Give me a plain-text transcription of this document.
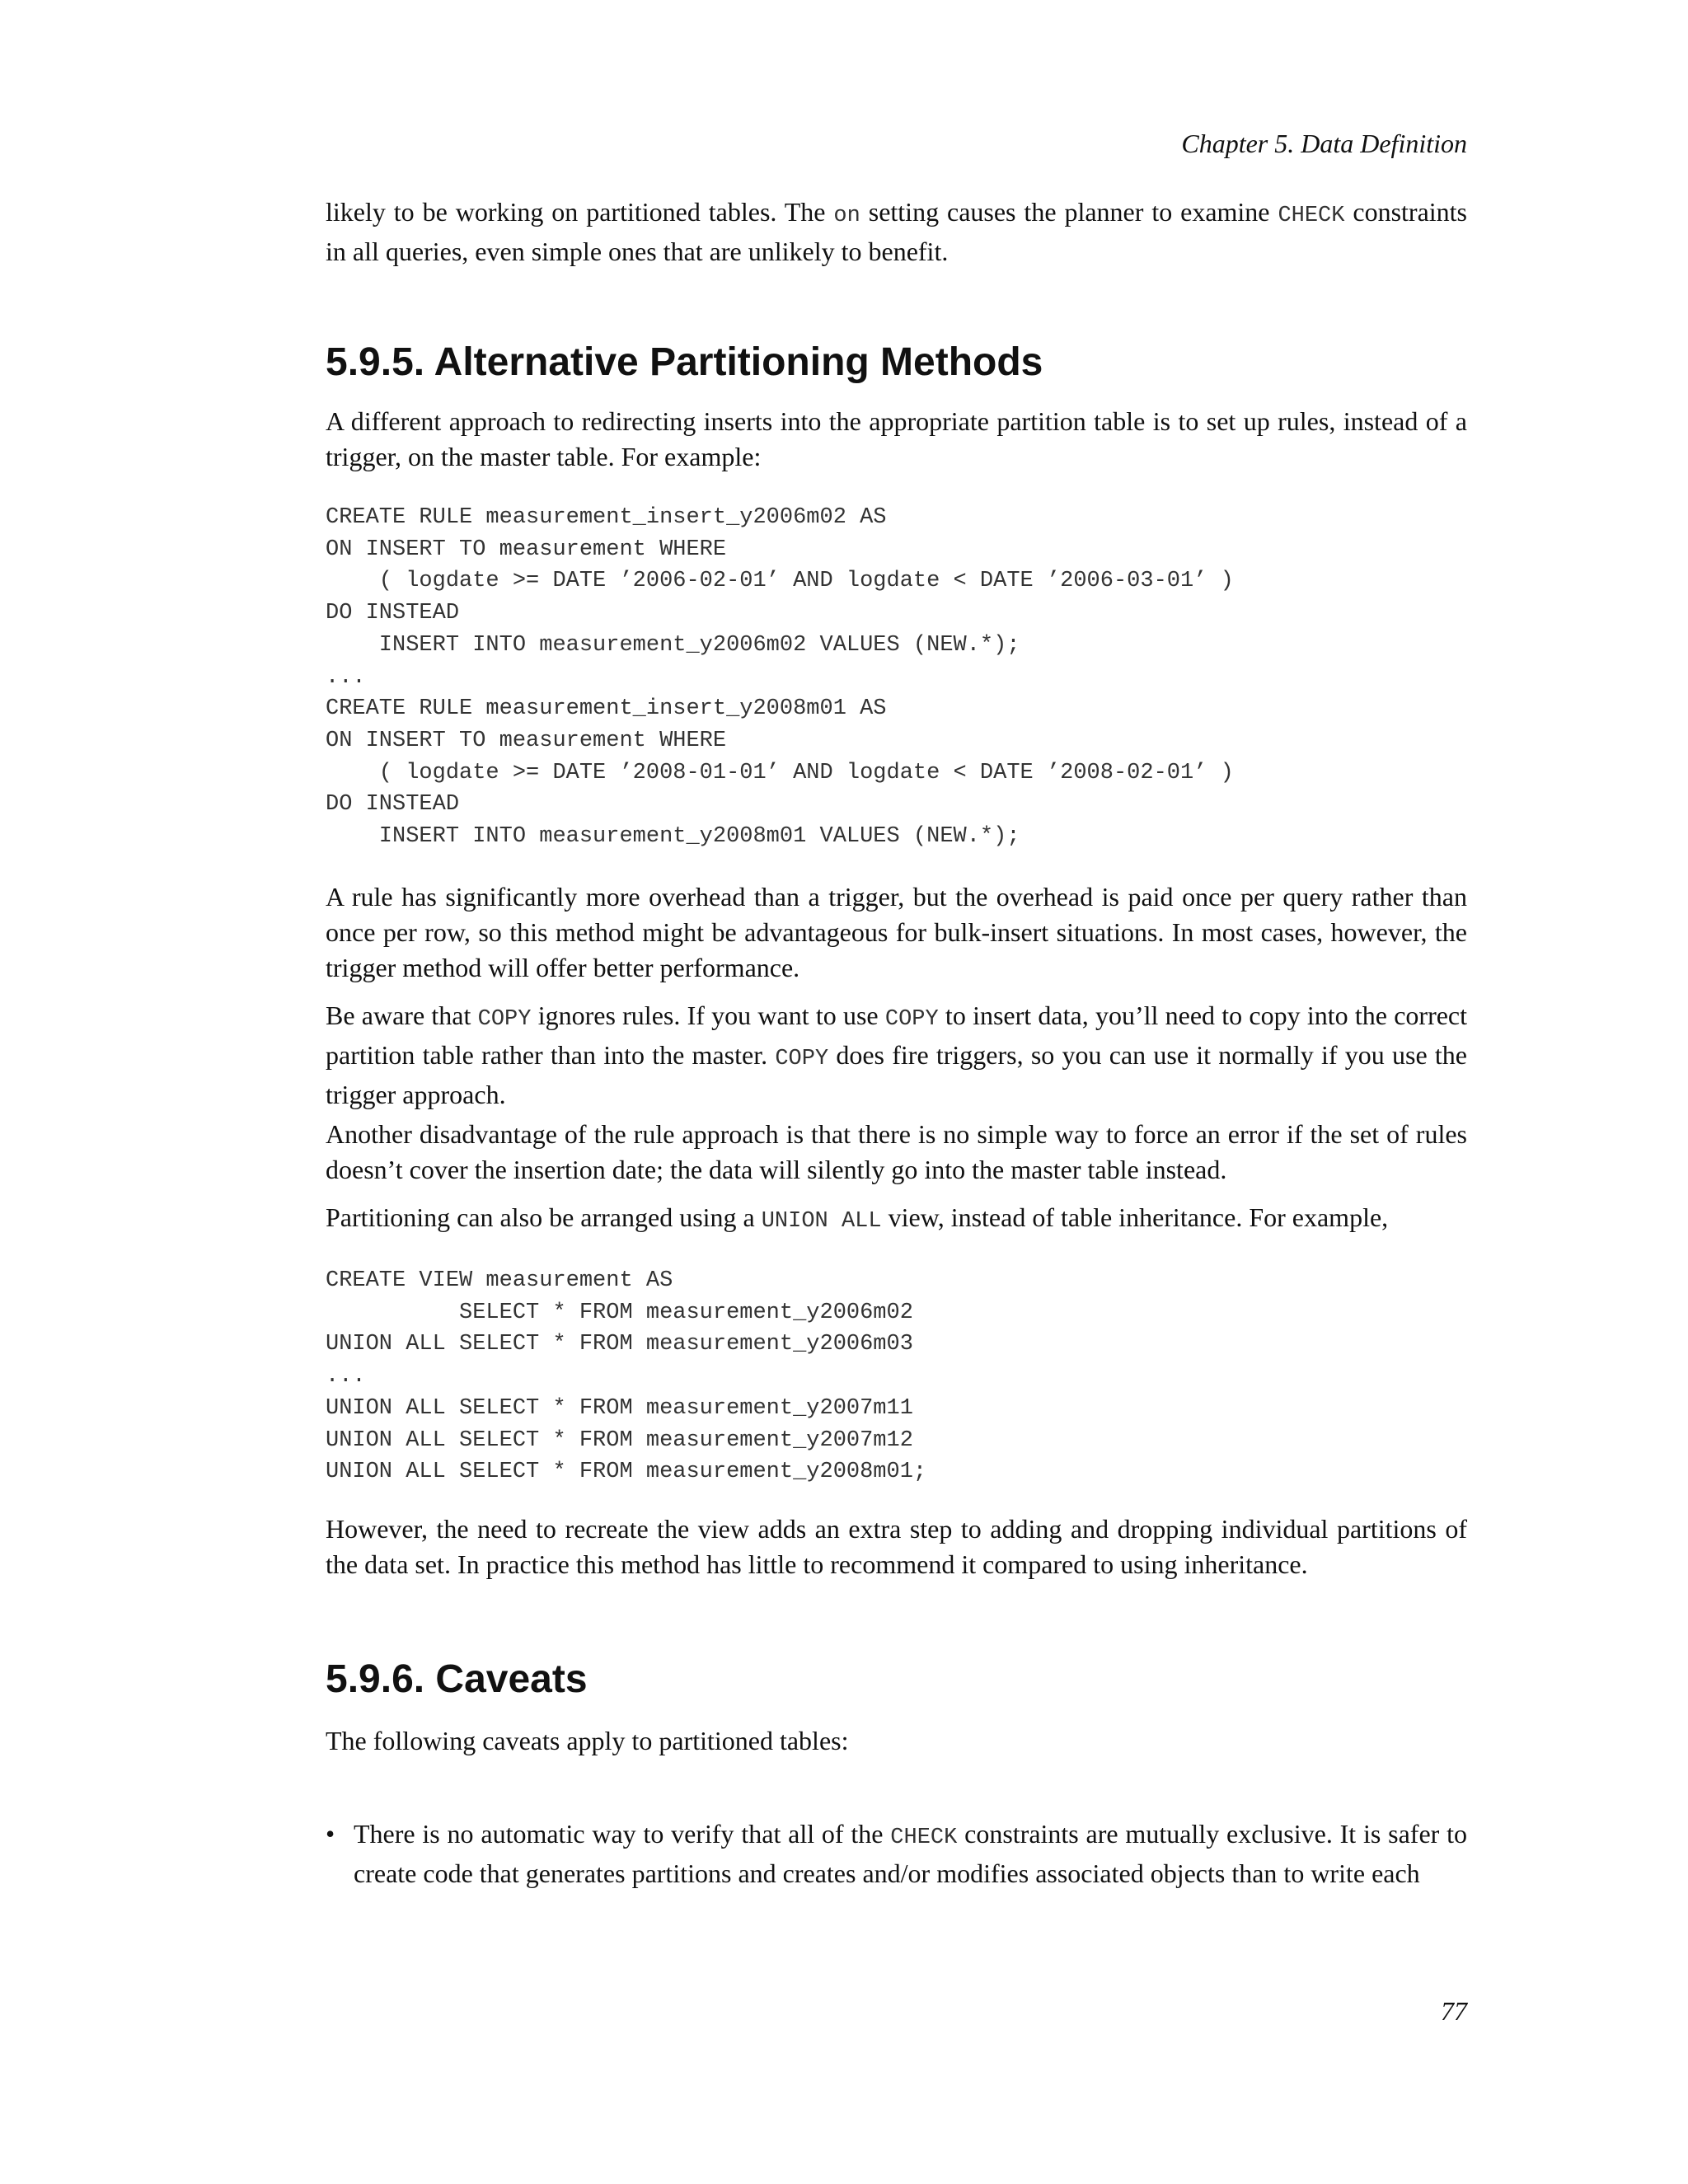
Chapter 5. Data Definition

likely to be working on partitioned tables. The on setting causes the planner to examine CHECK constraints in all queries, even simple ones that are unlikely to benefit.

5.9.5. Alternative Partitioning Methods

A different approach to redirecting inserts into the appropriate partition table is to set up rules, instead of a trigger, on the master table. For example:

CREATE RULE measurement_insert_y2006m02 AS
ON INSERT TO measurement WHERE
( logdate >= DATE ’2006-02-01’ AND logdate < DATE ’2006-03-01’ )
DO INSTEAD
INSERT INTO measurement_y2006m02 VALUES (NEW.*);
...
CREATE RULE measurement_insert_y2008m01 AS
ON INSERT TO measurement WHERE
( logdate >= DATE ’2008-01-01’ AND logdate < DATE ’2008-02-01’ )
DO INSTEAD
INSERT INTO measurement_y2008m01 VALUES (NEW.*);

A rule has significantly more overhead than a trigger, but the overhead is paid once per query rather than once per row, so this method might be advantageous for bulk-insert situations. In most cases, however, the trigger method will offer better performance.

Be aware that COPY ignores rules. If you want to use COPY to insert data, you’ll need to copy into the correct partition table rather than into the master. COPY does fire triggers, so you can use it normally if you use the trigger approach.

Another disadvantage of the rule approach is that there is no simple way to force an error if the set of rules doesn’t cover the insertion date; the data will silently go into the master table instead.

Partitioning can also be arranged using a UNION ALL view, instead of table inheritance. For example,

CREATE VIEW measurement AS
SELECT * FROM measurement_y2006m02
UNION ALL SELECT * FROM measurement_y2006m03
...
UNION ALL SELECT * FROM measurement_y2007m11
UNION ALL SELECT * FROM measurement_y2007m12
UNION ALL SELECT * FROM measurement_y2008m01;

However, the need to recreate the view adds an extra step to adding and dropping individual partitions of the data set. In practice this method has little to recommend it compared to using inheritance.

5.9.6. Caveats

The following caveats apply to partitioned tables:

• There is no automatic way to verify that all of the CHECK constraints are mutually exclusive. It is safer to create code that generates partitions and creates and/or modifies associated objects than to write each
77
